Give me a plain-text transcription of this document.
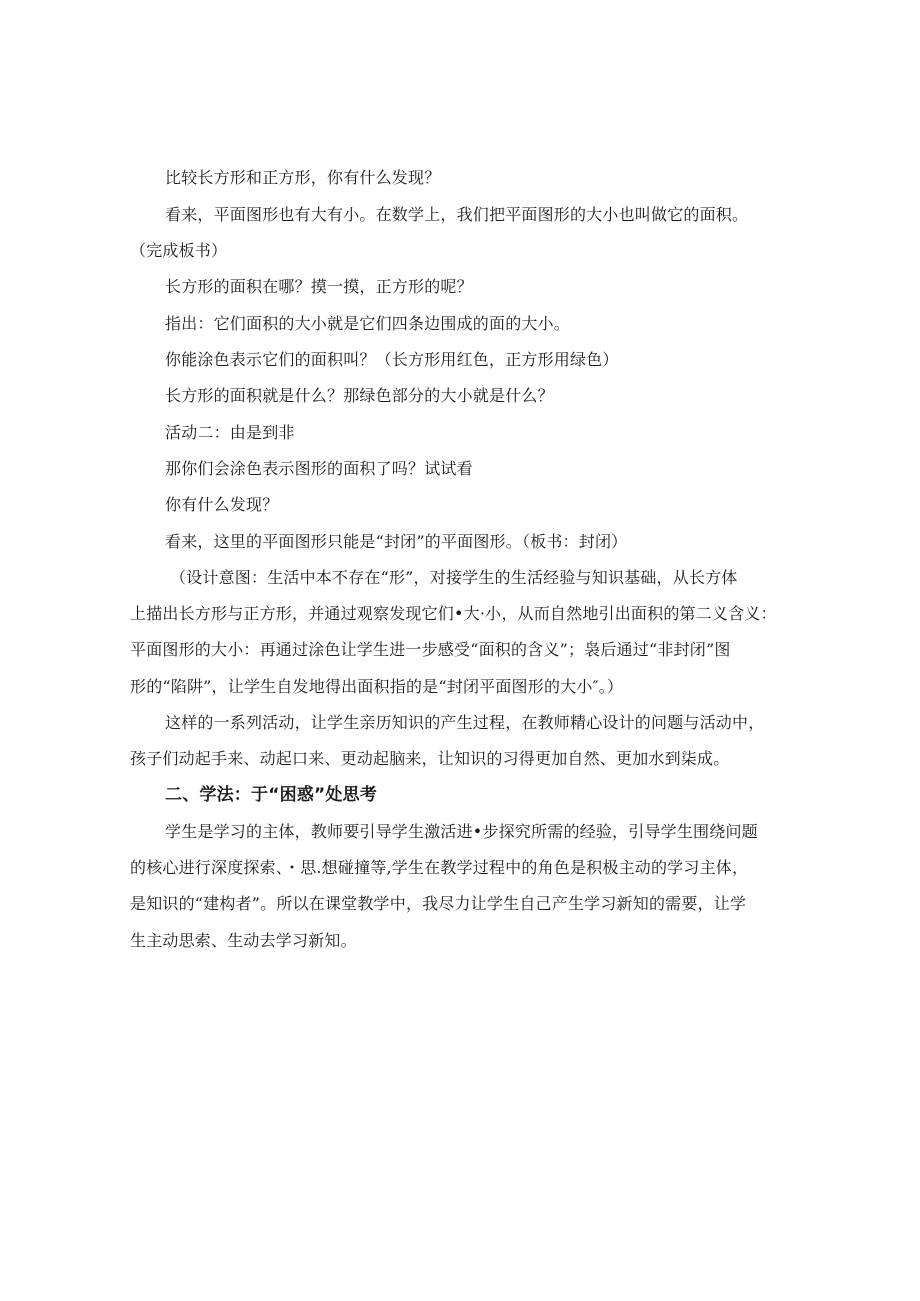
比较长方形和正方形，你有什么发现？
看来，平面图形也有大有小。在数学上，我们把平面图形的大小也叫做它的面积。
（完成板书）
长方形的面积在哪？摸一摸，正方形的呢？
指出：它们面积的大小就是它们四条边围成的面的大小。
你能涂色表示它们的面积叫？（长方形用红色，正方形用绿色）
长方形的面积就是什么？那绿色部分的大小就是什么？
活动二：由是到非
那你们会涂色表示图形的面积了吗？试试看
你有什么发现？
看来，这里的平面图形只能是“封闭”的平面图形。（板书：封闭）
（设计意图：生活中本不存在“形”，对接学生的生活经验与知识基础，从长方体
上描出长方形与正方形，并通过观察发现它们•大·小，从而自然地引出面积的第二义含义：
平面图形的大小：再通过涂色让学生进一步感受“面积的含义”；袅后通过“非封闭”图
形的“陷阱”，让学生自发地得出面积指的是“封闭平面图形的大小″。）
这样的一系列活动，让学生亲历知识的产生过程，在教师精心设计的问题与活动中，
孩子们动起手来、动起口来、更动起脑来，让知识的习得更加自然、更加水到柒成。
二、学法：于“困惑”处思考
学生是学习的主体，教师要引导学生激活进•步探究所需的经验，引导学生围绕问题
的核心进行深度探索、・思.想碰撞等,学生在教学过程中的角色是积极主动的学习主体，
是知识的“建构者”。所以在课堂教学中，我尽力让学生自己产生学习新知的需要，让学
生主动思索、生动去学习新知。
